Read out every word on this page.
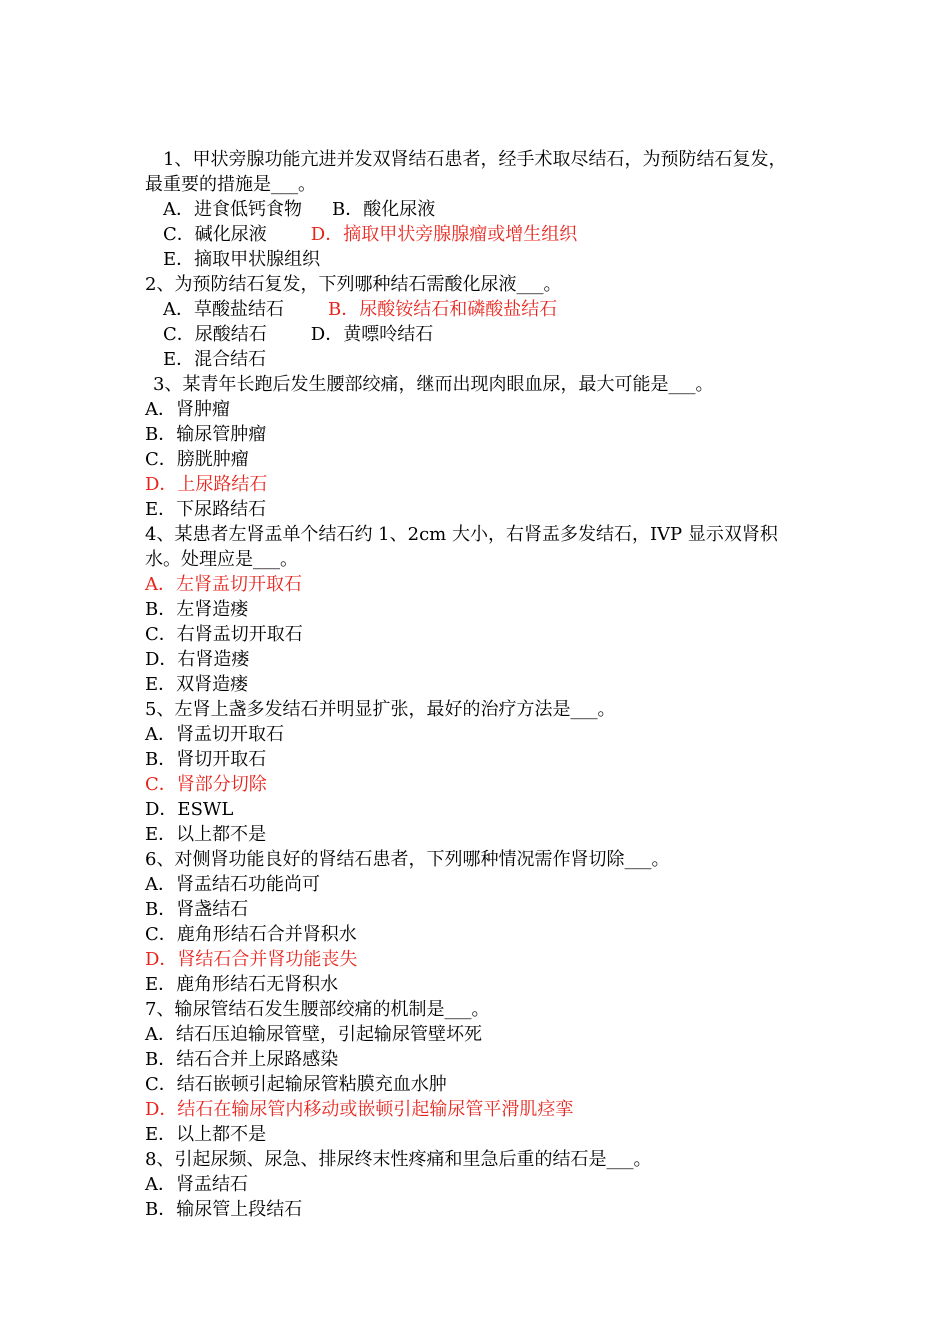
1、甲状旁腺功能亢进并发双肾结石患者，经手术取尽结石，为预防结石复发，
最重要的措施是___。
A．进食低钙食物 B．酸化尿液
C．碱化尿液 D．摘取甲状旁腺腺瘤或增生组织
E．摘取甲状腺组织
2、为预防结石复发，下列哪种结石需酸化尿液___。
A．草酸盐结石 B．尿酸铵结石和磷酸盐结石
C．尿酸结石 D．黄嘌呤结石
E．混合结石
3、某青年长跑后发生腰部绞痛，继而出现肉眼血尿，最大可能是___。
A．肾肿瘤
B．输尿管肿瘤
C．膀胱肿瘤
D．上尿路结石
E．下尿路结石
4、某患者左肾盂单个结石约 1、2cm 大小，右肾盂多发结石，IVP 显示双肾积
水。处理应是___。
A．左肾盂切开取石
B．左肾造瘘
C．右肾盂切开取石
D．右肾造瘘
E．双肾造瘘
5、左肾上盏多发结石并明显扩张，最好的治疗方法是___。
A．肾盂切开取石
B．肾切开取石
C．肾部分切除
D．ESWL
E．以上都不是
6、对侧肾功能良好的肾结石患者，下列哪种情况需作肾切除___。
A．肾盂结石功能尚可
B．肾盏结石
C．鹿角形结石合并肾积水
D．肾结石合并肾功能丧失
E．鹿角形结石无肾积水
7、输尿管结石发生腰部绞痛的机制是___。
A．结石压迫输尿管壁，引起输尿管壁坏死
B．结石合并上尿路感染
C．结石嵌顿引起输尿管粘膜充血水肿
D．结石在输尿管内移动或嵌顿引起输尿管平滑肌痉挛
E．以上都不是
8、引起尿频、尿急、排尿终末性疼痛和里急后重的结石是___。
A．肾盂结石
B．输尿管上段结石
